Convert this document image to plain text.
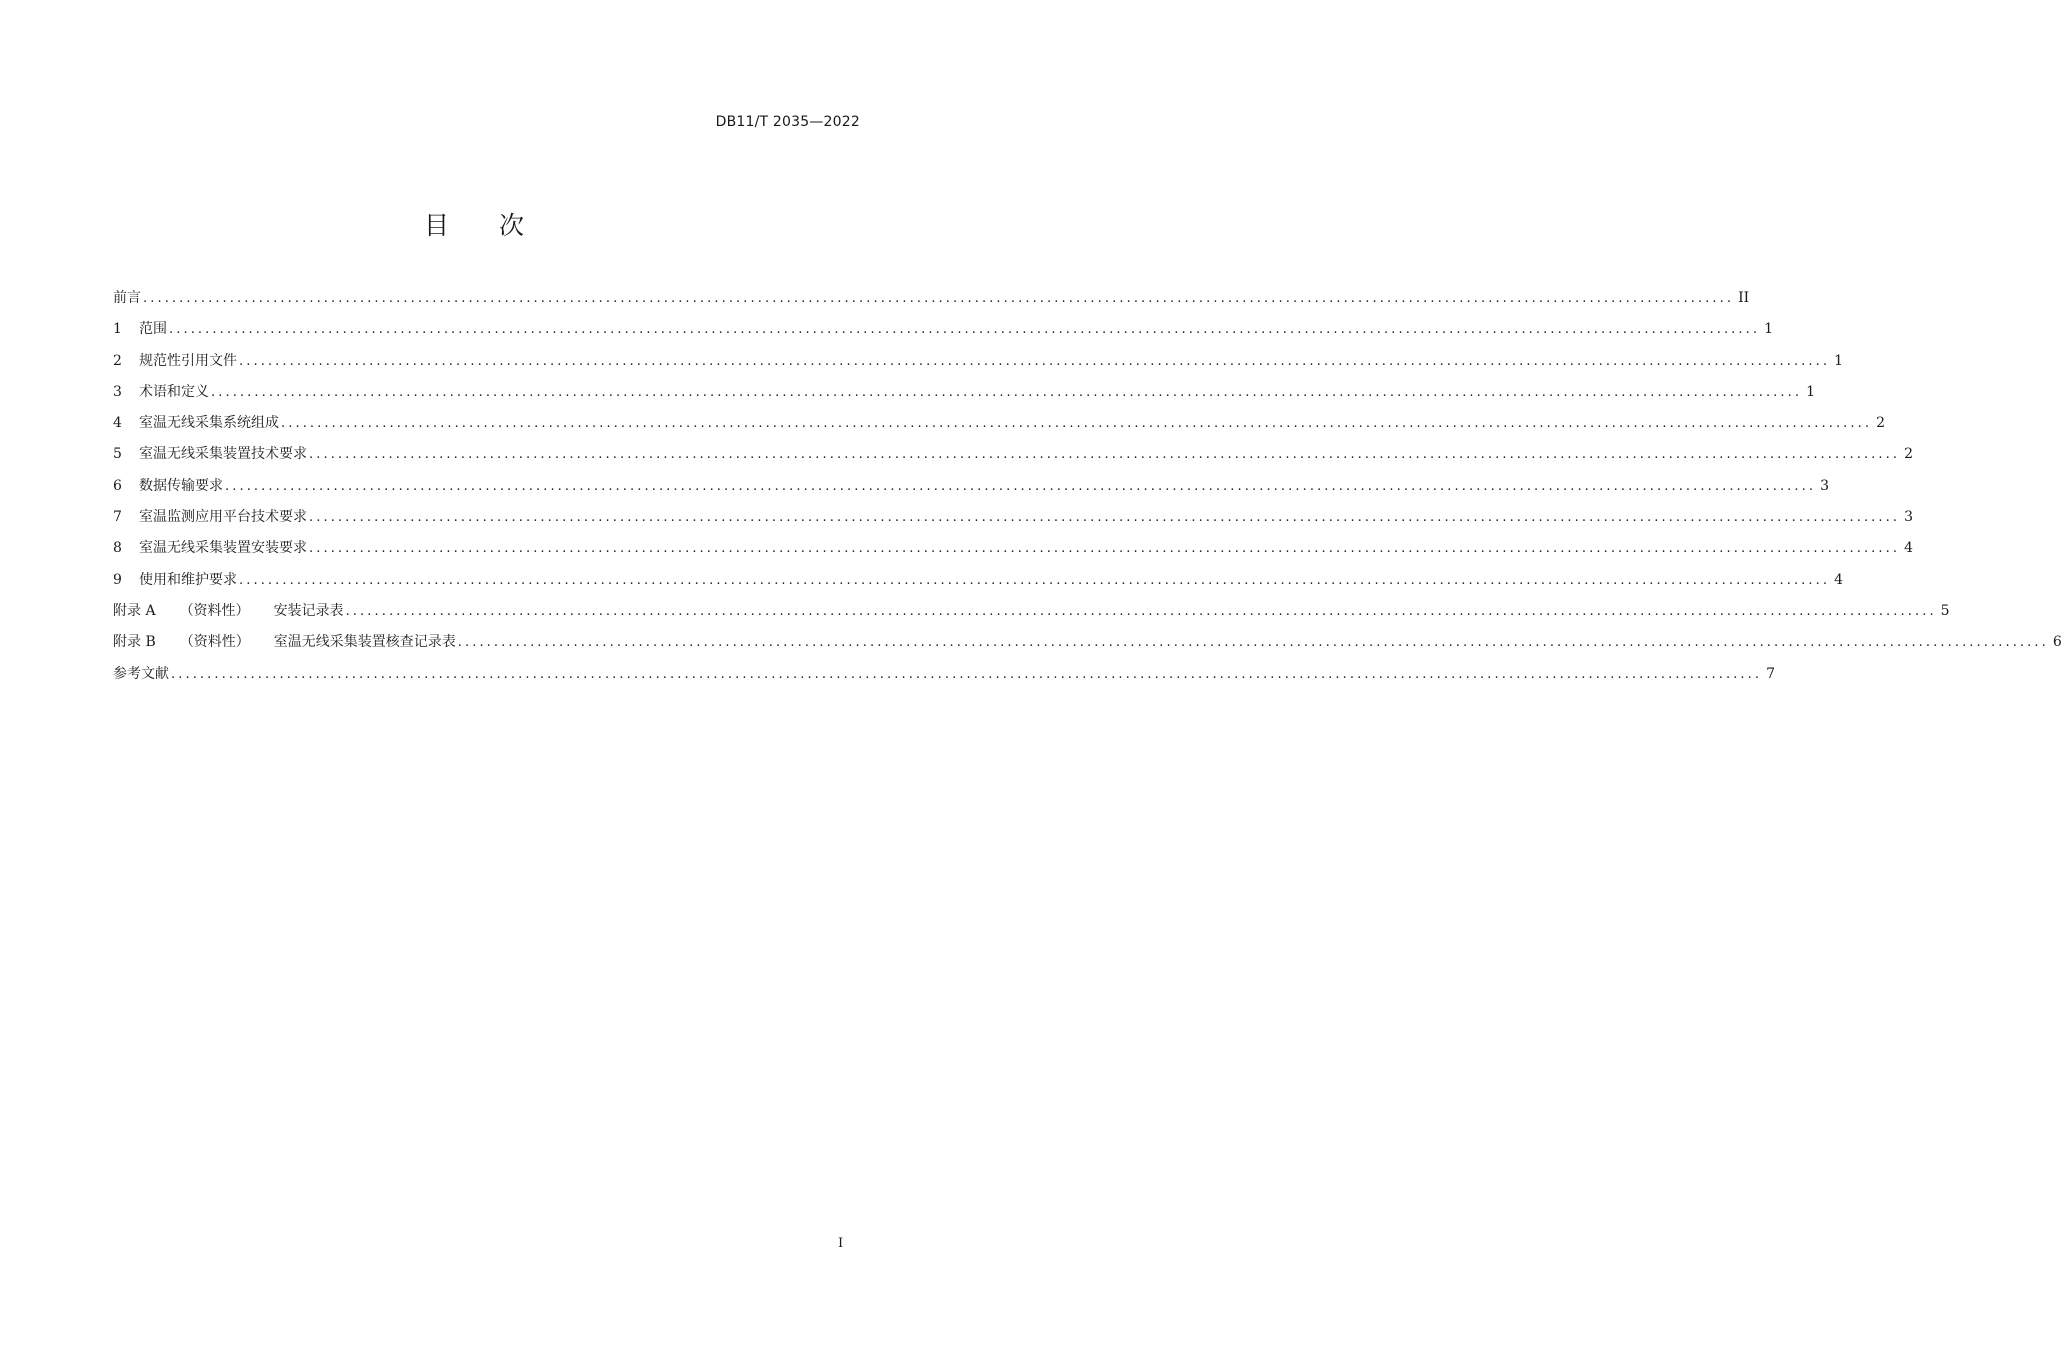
DB11/T 2035—2022
目 次
前言 ............................................................................................................................................................................................................................ II
1	范围 ............................................................................................................................................................................................................................ 1
2	规范性引用文件 ............................................................................................................................................................................................................................ 1
3	术语和定义 ............................................................................................................................................................................................................................ 1
4	室温无线采集系统组成 ............................................................................................................................................................................................................................ 2
5	室温无线采集装置技术要求 ............................................................................................................................................................................................................................ 2
6	数据传输要求 ............................................................................................................................................................................................................................ 3
7	室温监测应用平台技术要求 ............................................................................................................................................................................................................................ 3
8	室温无线采集装置安装要求 ............................................................................................................................................................................................................................ 4
9	使用和维护要求 ............................................................................................................................................................................................................................ 4
附录 A （资料性） 安装记录表 ............................................................................................................................................................................................................................ 5
附录 B （资料性） 室温无线采集装置核查记录表 ............................................................................................................................................................................................................................ 6
参考文献 ............................................................................................................................................................................................................................ 7
I
